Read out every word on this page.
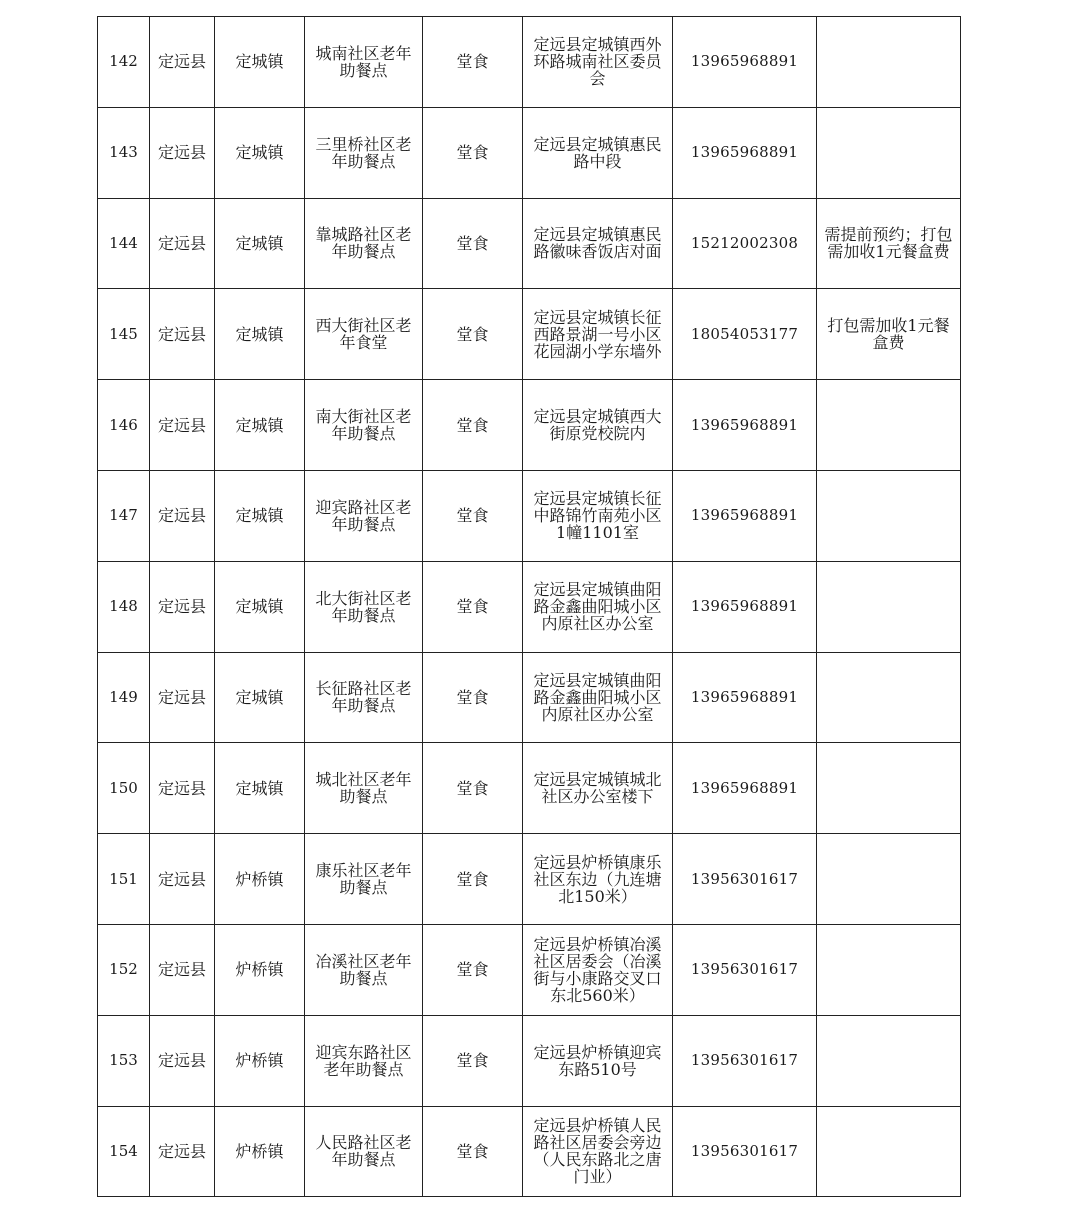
142	定远县	定城镇	城南社区老年助餐点	堂食	定远县定城镇西外环路城南社区委员会	13965968891	
143	定远县	定城镇	三里桥社区老年助餐点	堂食	定远县定城镇惠民路中段	13965968891	
144	定远县	定城镇	靠城路社区老年助餐点	堂食	定远县定城镇惠民路徽味香饭店对面	15212002308	需提前预约；打包需加收1元餐盒费
145	定远县	定城镇	西大街社区老年食堂	堂食	定远县定城镇长征西路景湖一号小区花园湖小学东墙外	18054053177	打包需加收1元餐盒费
146	定远县	定城镇	南大街社区老年助餐点	堂食	定远县定城镇西大街原党校院内	13965968891	
147	定远县	定城镇	迎宾路社区老年助餐点	堂食	定远县定城镇长征中路锦竹南苑小区1幢1101室	13965968891	
148	定远县	定城镇	北大街社区老年助餐点	堂食	定远县定城镇曲阳路金鑫曲阳城小区内原社区办公室	13965968891	
149	定远县	定城镇	长征路社区老年助餐点	堂食	定远县定城镇曲阳路金鑫曲阳城小区内原社区办公室	13965968891	
150	定远县	定城镇	城北社区老年助餐点	堂食	定远县定城镇城北社区办公室楼下	13965968891	
151	定远县	炉桥镇	康乐社区老年助餐点	堂食	定远县炉桥镇康乐社区东边（九连塘北150米）	13956301617	
152	定远县	炉桥镇	冶溪社区老年助餐点	堂食	定远县炉桥镇冶溪社区居委会（冶溪街与小康路交叉口东北560米）	13956301617	
153	定远县	炉桥镇	迎宾东路社区老年助餐点	堂食	定远县炉桥镇迎宾东路510号	13956301617	
154	定远县	炉桥镇	人民路社区老年助餐点	堂食	定远县炉桥镇人民路社区居委会旁边（人民东路北之唐门业）	13956301617	
